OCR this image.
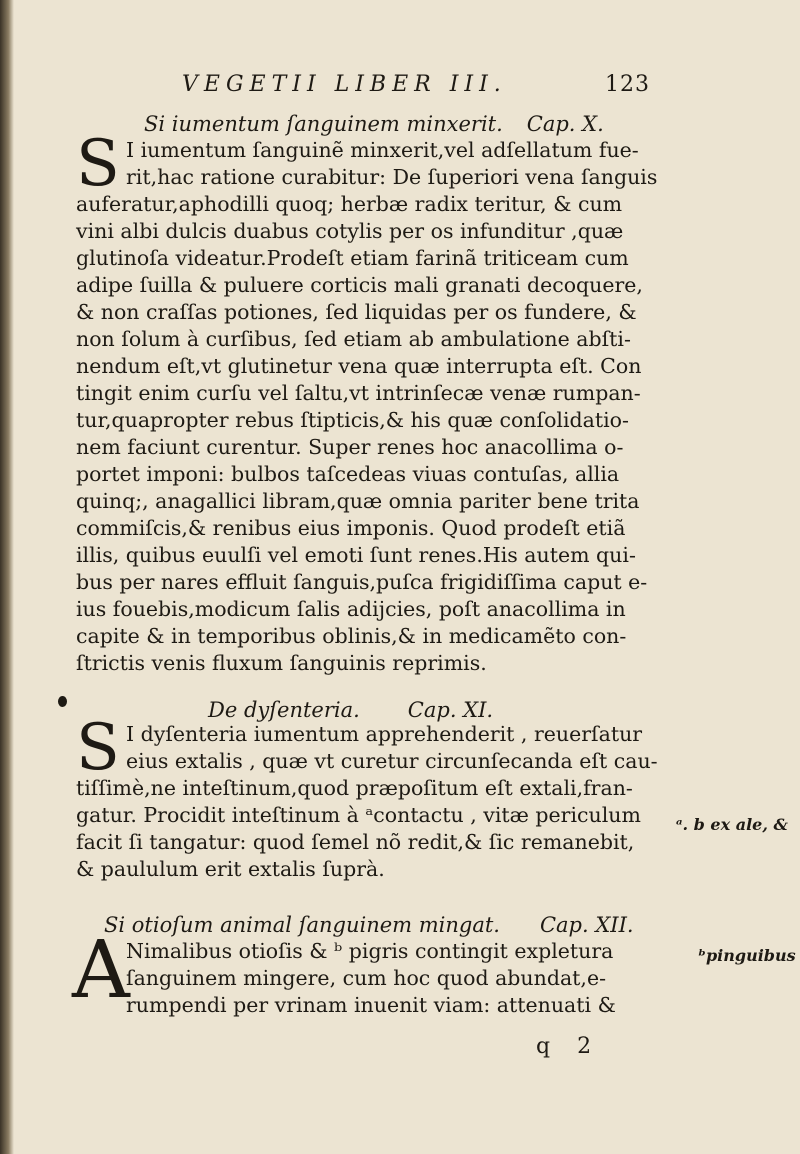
VEGETII LIBER III.	123
Si iumentum ſanguinem minxerit. Cap. X.
S I iumentum ſanguinẽ minxerit,vel adſellatum fue-
rit,hac ratione curabitur: De ſuperiori vena ſanguis
auferatur,aphodilli quoq; herbæ radix teritur, & cum
vini albi dulcis duabus cotylis per os infunditur ,quæ
glutinoſa videatur.Prodeſt etiam farinã triticeam cum
adipe ſuilla & puluere corticis mali granati decoquere,
& non craſſas potiones, ſed liquidas per os fundere, &
non ſolum à curſibus, ſed etiam ab ambulatione abſti-
nendum eſt,vt glutinetur vena quæ interrupta eſt. Con
tingit enim curſu vel ſaltu,vt intrinſecæ venæ rumpan-
tur,quapropter rebus ſtipticis,& his quæ conſolidatio-
nem faciunt curentur. Super renes hoc anacollima o-
portet imponi: bulbos taſcedeas viuas contuſas, allia
quinq;, anagallici libram,quæ omnia pariter bene trita
commiſcis,& renibus eius imponis. Quod prodeſt etiã
illis, quibus euulſi vel emoti ſunt renes.His autem qui-
bus per nares effluit ſanguis,puſca frigidiſſima caput e-
ius fouebis,modicum ſalis adijcies, poſt anacollima in
capite & in temporibus oblinis,& in medicamẽto con-
ſtrictis venis fluxum ſanguinis reprimis.
De dyſenteria. Cap. XI.
S I dyſenteria iumentum apprehenderit , reuerſatur
eius extalis , quæ vt curetur circunſecanda eſt cau-
tiſſimè,ne inteſtinum,quod præpoſitum eſt extali,fran-
gatur. Procidit inteſtinum à ᵃcontactu , vitæ periculum
facit ſi tangatur: quod ſemel nõ redit,& ſic remanebit,
& paululum erit extalis ſuprà.
ᵃ. b ex ale, &
Si otioſum animal ſanguinem mingat. Cap. XII.
A
Nimalibus otioſis & ᵇ pigris contingit expletura
ſanguinem mingere, cum hoc quod abundat,e-
rumpendi per vrinam inuenit viam: attenuati &
ᵇpinguibus
q 2
